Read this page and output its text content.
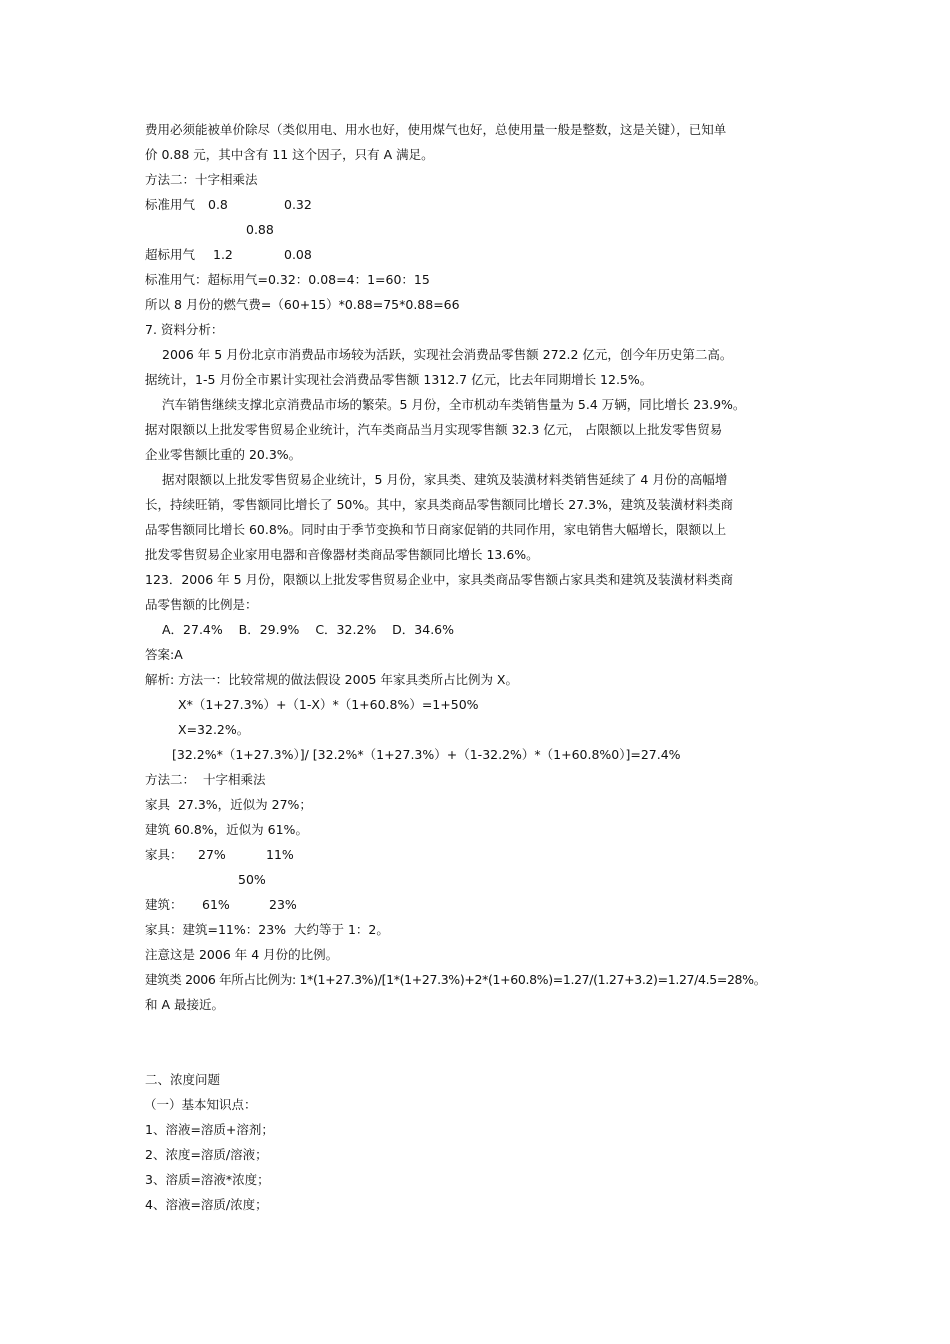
费用必须能被单价除尽（类似用电、用水也好，使用煤气也好，总使用量一般是整数，这是关键），已知单
价 0.88 元，其中含有 11 这个因子，只有 A 满足。
方法二：十字相乘法
标准用气 0.8	0.32
0.88
超标用气 1.2	0.08
标准用气：超标用气=0.32：0.08=4：1=60：15
所以 8 月份的燃气费=（60+15）*0.88=75*0.88=66
7. 资料分析：
2006 年 5 月份北京市消费品市场较为活跃，实现社会消费品零售额 272.2 亿元，创今年历史第二高。
据统计，1-5 月份全市累计实现社会消费品零售额 1312.7 亿元，比去年同期增长 12.5%。
汽车销售继续支撑北京消费品市场的繁荣。5 月份，全市机动车类销售量为 5.4 万辆，同比增长 23.9%。
据对限额以上批发零售贸易企业统计，汽车类商品当月实现零售额 32.3 亿元， 占限额以上批发零售贸易
企业零售额比重的 20.3%。
据对限额以上批发零售贸易企业统计，5 月份，家具类、建筑及装潢材料类销售延续了 4 月份的高幅增
长，持续旺销，零售额同比增长了 50%。其中，家具类商品零售额同比增长 27.3%，建筑及装潢材料类商
品零售额同比增长 60.8%。同时由于季节变换和节日商家促销的共同作用，家电销售大幅增长，限额以上
批发零售贸易企业家用电器和音像器材类商品零售额同比增长 13.6%。
123．2006 年 5 月份，限额以上批发零售贸易企业中，家具类商品零售额占家具类和建筑及装潢材料类商
品零售额的比例是：
A．27.4%    B．29.9%    C．32.2%    D．34.6%
答案:A
解析: 方法一：比较常规的做法假设 2005 年家具类所占比例为 X。
X*（1+27.3%）+（1-X）*（1+60.8%）=1+50%
X=32.2%。
[32.2%*（1+27.3%）]/ [32.2%*（1+27.3%）+（1-32.2%）*（1+60.8%0）]=27.4%
方法二：  十字相乘法
家具  27.3%，近似为 27%；
建筑 60.8%，近似为 61%。
家具： 27%	11%
50%
建筑： 61%	23%
家具：建筑=11%：23%  大约等于 1：2。
注意这是 2006 年 4 月份的比例。
建筑类 2006 年所占比例为: 1*(1+27.3%)/[1*(1+27.3%)+2*(1+60.8%)=1.27/(1.27+3.2)=1.27/4.5=28%。
和 A 最接近。
二、浓度问题
（一）基本知识点：
1、溶液=溶质+溶剂；
2、浓度=溶质/溶液；
3、溶质=溶液*浓度；
4、溶液=溶质/浓度；
